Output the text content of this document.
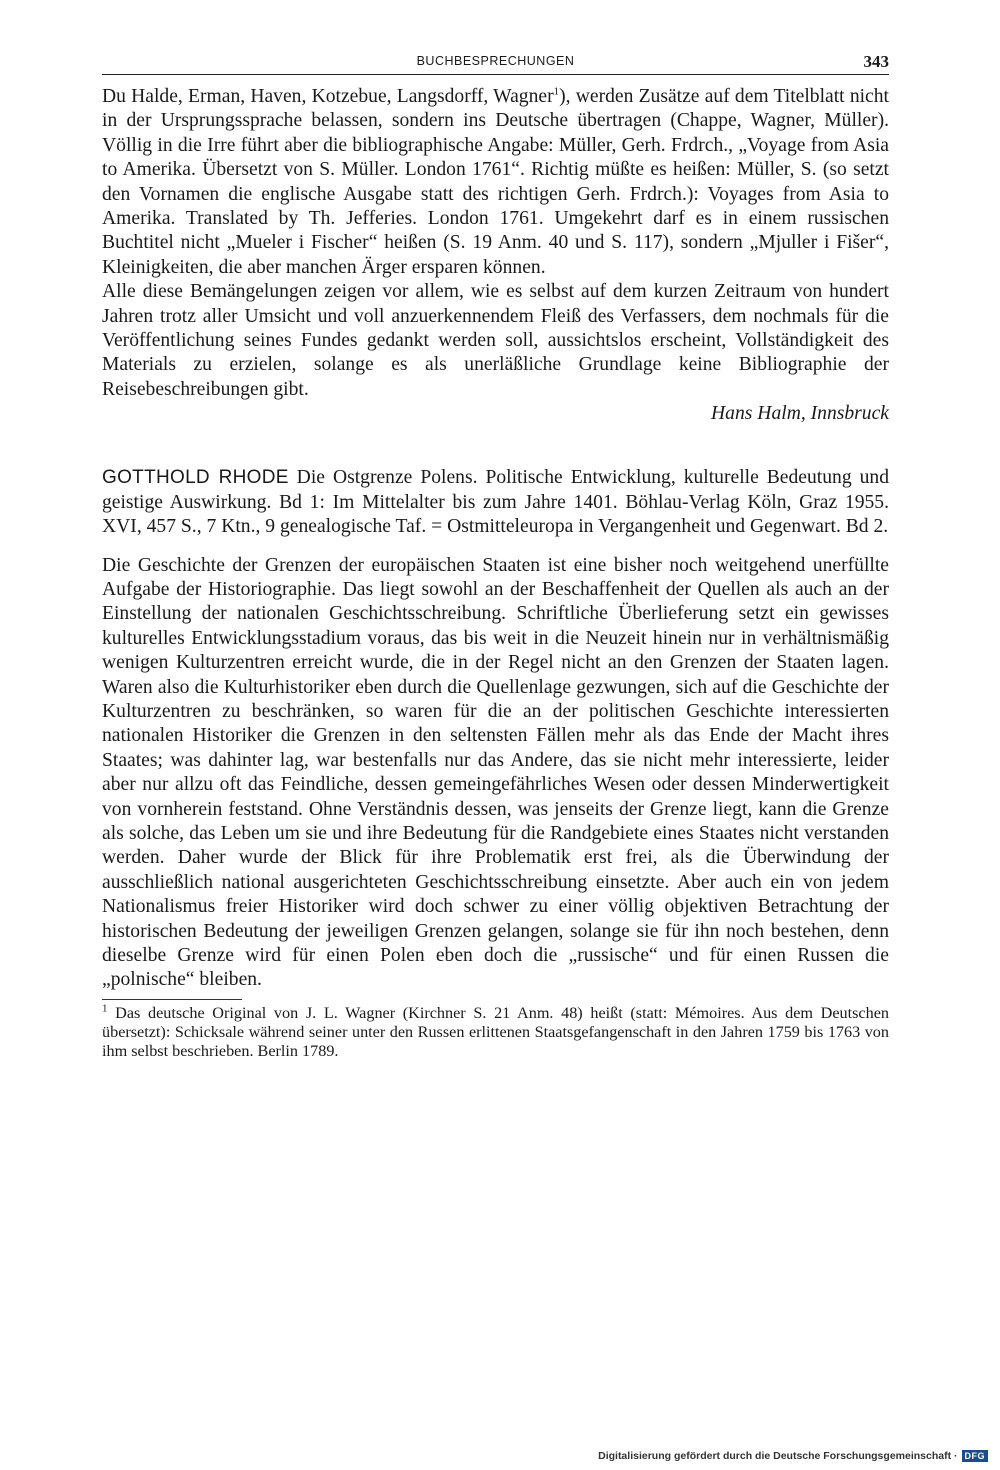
BUCHBESPRECHUNGEN	343

Du Halde, Erman, Haven, Kotzebue, Langsdorff, Wagner$^1$), werden Zusätze auf dem Titelblatt nicht in der Ursprungssprache belassen, sondern ins Deutsche übertragen (Chappe, Wagner, Müller). Völlig in die Irre führt aber die bibliographische Angabe: Müller, Gerh. Frdrch., „Voyage from Asia to Amerika. Übersetzt von S. Müller. London 1761“. Richtig müßte es heißen: Müller, S. (so setzt den Vornamen die englische Ausgabe statt des richtigen Gerh. Frdrch.): Voyages from Asia to Amerika. Translated by Th. Jefferies. London 1761. Umgekehrt darf es in einem russischen Buchtitel nicht „Mueler i Fischer“ heißen (S. 19 Anm. 40 und S. 117), sondern „Mjuller i Fišer“, Kleinigkeiten, die aber manchen Ärger ersparen können.

Alle diese Bemängelungen zeigen vor allem, wie es selbst auf dem kurzen Zeitraum von hundert Jahren trotz aller Umsicht und voll anzuerkennendem Fleiß des Verfassers, dem nochmals für die Veröffentlichung seines Fundes gedankt werden soll, aussichtslos erscheint, Vollständigkeit des Materials zu erzielen, solange es als unerläßliche Grundlage keine Bibliographie der Reisebeschreibungen gibt.

Hans Halm, Innsbruck
GOTTHOLD RHODE Die Ostgrenze Polens. Politische Entwicklung, kulturelle Bedeutung und geistige Auswirkung. Bd 1: Im Mittelalter bis zum Jahre 1401. Böhlau-Verlag Köln, Graz 1955. XVI, 457 S., 7 Ktn., 9 genealogische Taf. = Ostmitteleuropa in Vergangenheit und Gegenwart. Bd 2.

Die Geschichte der Grenzen der europäischen Staaten ist eine bisher noch weitgehend unerfüllte Aufgabe der Historiographie. Das liegt sowohl an der Beschaffenheit der Quellen als auch an der Einstellung der nationalen Geschichtsschreibung. Schriftliche Überlieferung setzt ein gewisses kulturelles Entwicklungsstadium voraus, das bis weit in die Neuzeit hinein nur in verhältnismäßig wenigen Kulturzentren erreicht wurde, die in der Regel nicht an den Grenzen der Staaten lagen. Waren also die Kulturhistoriker eben durch die Quellenlage gezwungen, sich auf die Geschichte der Kulturzentren zu beschränken, so waren für die an der politischen Geschichte interessierten nationalen Historiker die Grenzen in den seltensten Fällen mehr als das Ende der Macht ihres Staates; was dahinter lag, war bestenfalls nur das Andere, das sie nicht mehr interessierte, leider aber nur allzu oft das Feindliche, dessen gemeingefährliches Wesen oder dessen Minderwertigkeit von vornherein feststand. Ohne Verständnis dessen, was jenseits der Grenze liegt, kann die Grenze als solche, das Leben um sie und ihre Bedeutung für die Randgebiete eines Staates nicht verstanden werden. Daher wurde der Blick für ihre Problematik erst frei, als die Überwindung der ausschließlich national ausgerichteten Geschichtsschreibung einsetzte. Aber auch ein von jedem Nationalismus freier Historiker wird doch schwer zu einer völlig objektiven Betrachtung der historischen Bedeutung der jeweiligen Grenzen gelangen, solange sie für ihn noch bestehen, denn dieselbe Grenze wird für einen Polen eben doch die „russische“ und für einen Russen die „polnische“ bleiben.

$^1$ Das deutsche Original von J. L. Wagner (Kirchner S. 21 Anm. 48) heißt (statt: Mémoires. Aus dem Deutschen übersetzt): Schicksale während seiner unter den Russen erlittenen Staatsgefangenschaft in den Jahren 1759 bis 1763 von ihm selbst beschrieben. Berlin 1789.
Digitalisierung gefördert durch die Deutsche Forschungsgemeinschaft · DFG
